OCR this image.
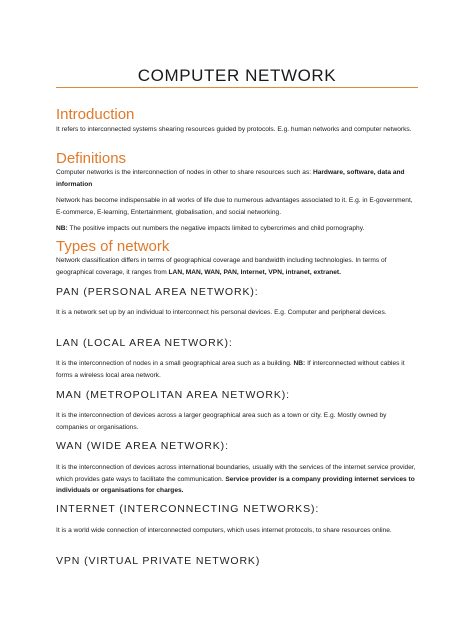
COMPUTER NETWORK
Introduction
It refers to interconnected systems shearing resources guided by protocols. E.g. human networks and computer networks.
Definitions
Computer networks is the interconnection of nodes in other to share resources such as: Hardware, software, data and information
Network has become indispensable in all works of life due to numerous advantages associated to it. E.g. in E-government, E-commerce, E-learning, Entertainment, globalisation, and social networking.
NB: The positive impacts out numbers the negative impacts limited to cybercrimes and child pornography.
Types of network
Network classification differs in terms of geographical coverage and bandwidth including technologies. In terms of geographical coverage, it ranges from LAN, MAN, WAN, PAN, Internet, VPN, intranet, extranet.
PAN (PERSONAL AREA NETWORK):
It is a network set up by an individual to interconnect his personal devices. E.g. Computer and peripheral devices.
LAN (LOCAL AREA NETWORK):
It is the interconnection of nodes in a small geographical area such as a building. NB: If interconnected without cables it forms a wireless local area network.
MAN (METROPOLITAN AREA NETWORK):
It is the interconnection of devices across a larger geographical area such as a town or city. E.g. Mostly owned by companies or organisations.
WAN (WIDE AREA NETWORK):
It is the interconnection of devices across international boundaries, usually with the services of the internet service provider, which provides gate ways to facilitate the communication. Service provider is a company providing internet services to individuals or organisations for charges.
INTERNET (INTERCONNECTING NETWORKS):
It is a world wide connection of interconnected computers, which uses internet protocols, to share resources online.
VPN (VIRTUAL PRIVATE NETWORK)
